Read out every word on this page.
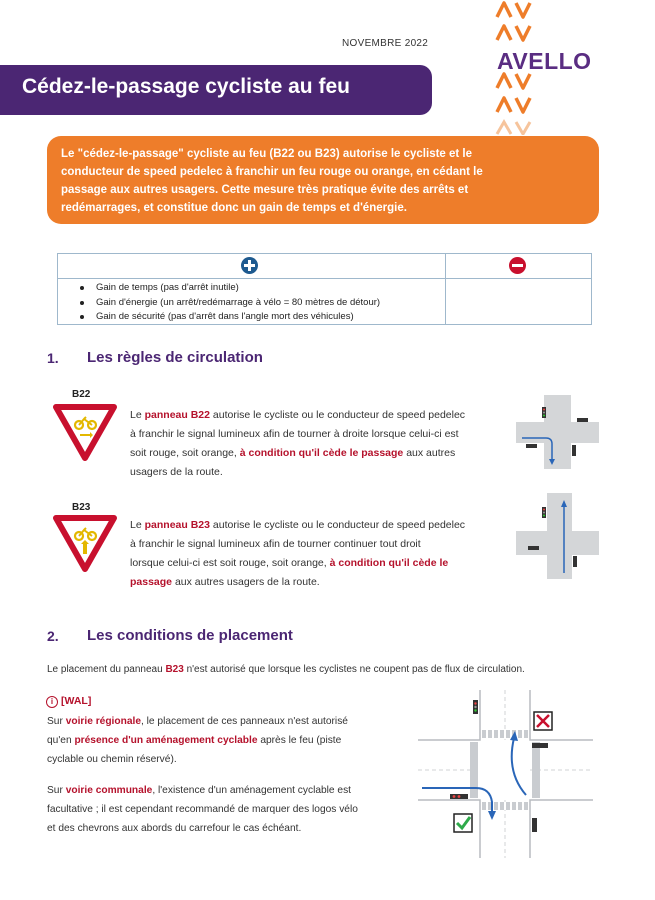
NOVEMBRE 2022
AVELLO
Cédez-le-passage cycliste au feu
Le "cédez-le-passage" cycliste au feu (B22 ou B23) autorise le cycliste et le
conducteur de speed pedelec à franchir un feu rouge ou orange, en cédant le
passage aux autres usagers. Cette mesure très pratique évite des arrêts et
redémarrages, et constitue donc un gain de temps et d'énergie.
Gain de temps (pas d'arrêt inutile)
Gain d'énergie (un arrêt/redémarrage à vélo = 80 mètres de détour)
Gain de sécurité (pas d'arrêt dans l'angle mort des véhicules)
1. Les règles de circulation
B22
Le panneau B22 autorise le cycliste ou le conducteur de speed pedelec
à franchir le signal lumineux afin de tourner à droite lorsque celui-ci est
soit rouge, soit orange, à condition qu'il cède le passage aux autres
usagers de la route.
B23
Le panneau B23 autorise le cycliste ou le conducteur de speed pedelec
à franchir le signal lumineux afin de tourner continuer tout droit
lorsque celui-ci est soit rouge, soit orange, à condition qu'il cède le
passage aux autres usagers de la route.
2. Les conditions de placement
Le placement du panneau B23 n'est autorisé que lorsque les cyclistes ne coupent pas de flux de circulation.
i [WAL]
Sur voirie régionale, le placement de ces panneaux n'est autorisé
qu'en présence d'un aménagement cyclable après le feu (piste
cyclable ou chemin réservé).
Sur voirie communale, l'existence d'un aménagement cyclable est
facultative ; il est cependant recommandé de marquer des logos vélo
et des chevrons aux abords du carrefour le cas échéant.
